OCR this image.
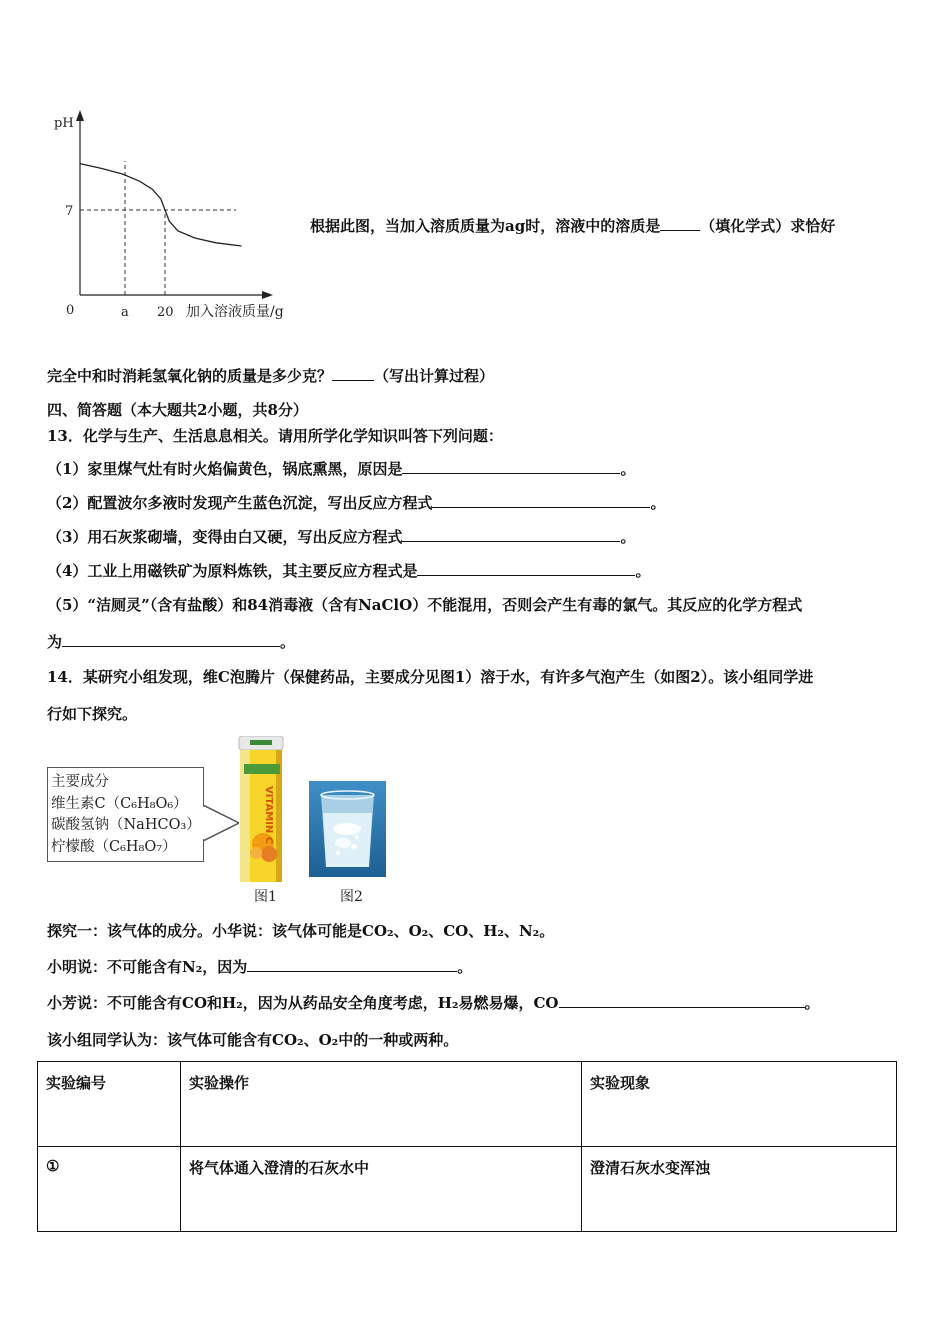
pH
0	a 20 加入溶液质量/g
7
根据此图，当加入溶质质量为ag时，溶液中的溶质是	（填化学式）求恰好
完全中和时消耗氢氧化钠的质量是多少克？	（写出计算过程）
四、简答题（本大题共2小题，共8分）
13．化学与生产、生活息息相关。请用所学化学知识叫答下列问题：
（1）家里煤气灶有时火焰偏黄色，锅底熏黑，原因是	。
（2）配置波尔多液时发现产生蓝色沉淀，写出反应方程式	。
（3）用石灰浆砌墙，变得由白又硬，写出反应方程式	。
（4）工业上用磁铁矿为原料炼铁，其主要反应方程式是	。
（5）“洁厕灵”（含有盐酸）和84消毒液（含有NaClO）不能混用，否则会产生有毒的氯气。其反应的化学方程式
为	。
14．某研究小组发现，维C泡腾片（保健药品，主要成分见图1）溶于水，有许多气泡产生（如图2）。该小组同学进
行如下探究。
主要成分
维生素C（C₆H₈O₆）
碳酸氢钠（NaHCO₃）
柠檬酸（C₆H₈O₇）
VITAMIN C
图1	图2
探究一：该气体的成分。小华说：该气体可能是CO₂、O₂、CO、H₂、N₂。
小明说：不可能含有N₂，因为	。
小芳说：不可能含有CO和H₂，因为从药品安全角度考虑，H₂易燃易爆，CO	。
该小组同学认为：该气体可能含有CO₂、O₂中的一种或两种。
实验编号	实验操作	实验现象
①	将气体通入澄清的石灰水中	澄清石灰水变浑浊
